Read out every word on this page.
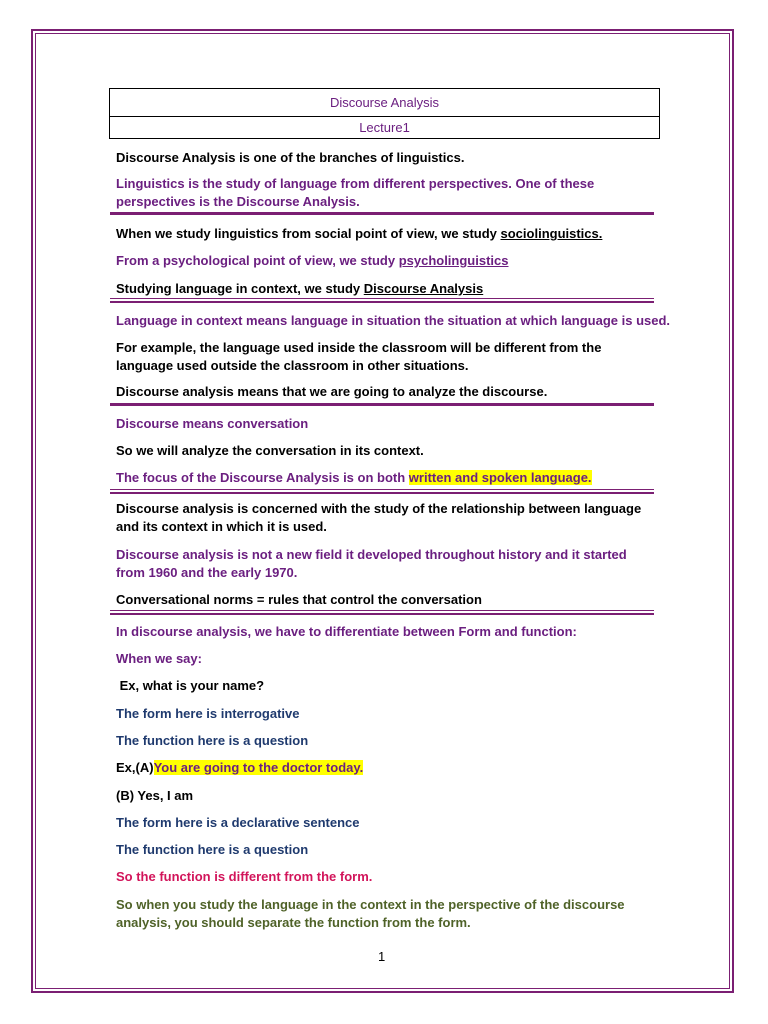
Discourse Analysis
Lecture1

Discourse Analysis is one of the branches of linguistics.

Linguistics is the study of language from different perspectives. One of these perspectives is the Discourse Analysis.

When we study linguistics from social point of view, we study sociolinguistics.

From a psychological point of view, we study psycholinguistics

Studying language in context, we study Discourse Analysis

Language in context means language in situation the situation at which language is used.

For example, the language used inside the classroom will be different from the language used outside the classroom in other situations.

Discourse analysis means that we are going to analyze the discourse.

Discourse means conversation

So we will analyze the conversation in its context.

The focus of the Discourse Analysis is on both written and spoken language.

Discourse analysis is concerned with the study of the relationship between language and its context in which it is used.

Discourse analysis is not a new field it developed throughout history and it started from 1960 and the early 1970.

Conversational norms = rules that control the conversation

In discourse analysis, we have to differentiate between Form and function:

When we say:

Ex, what is your name?

The form here is interrogative

The function here is a question

Ex,(A)You are going to the doctor today.

(B) Yes, I am

The form here is a declarative sentence

The function here is a question

So the function is different from the form.

So when you study the language in the context in the perspective of the discourse analysis, you should separate the function from the form.

1
